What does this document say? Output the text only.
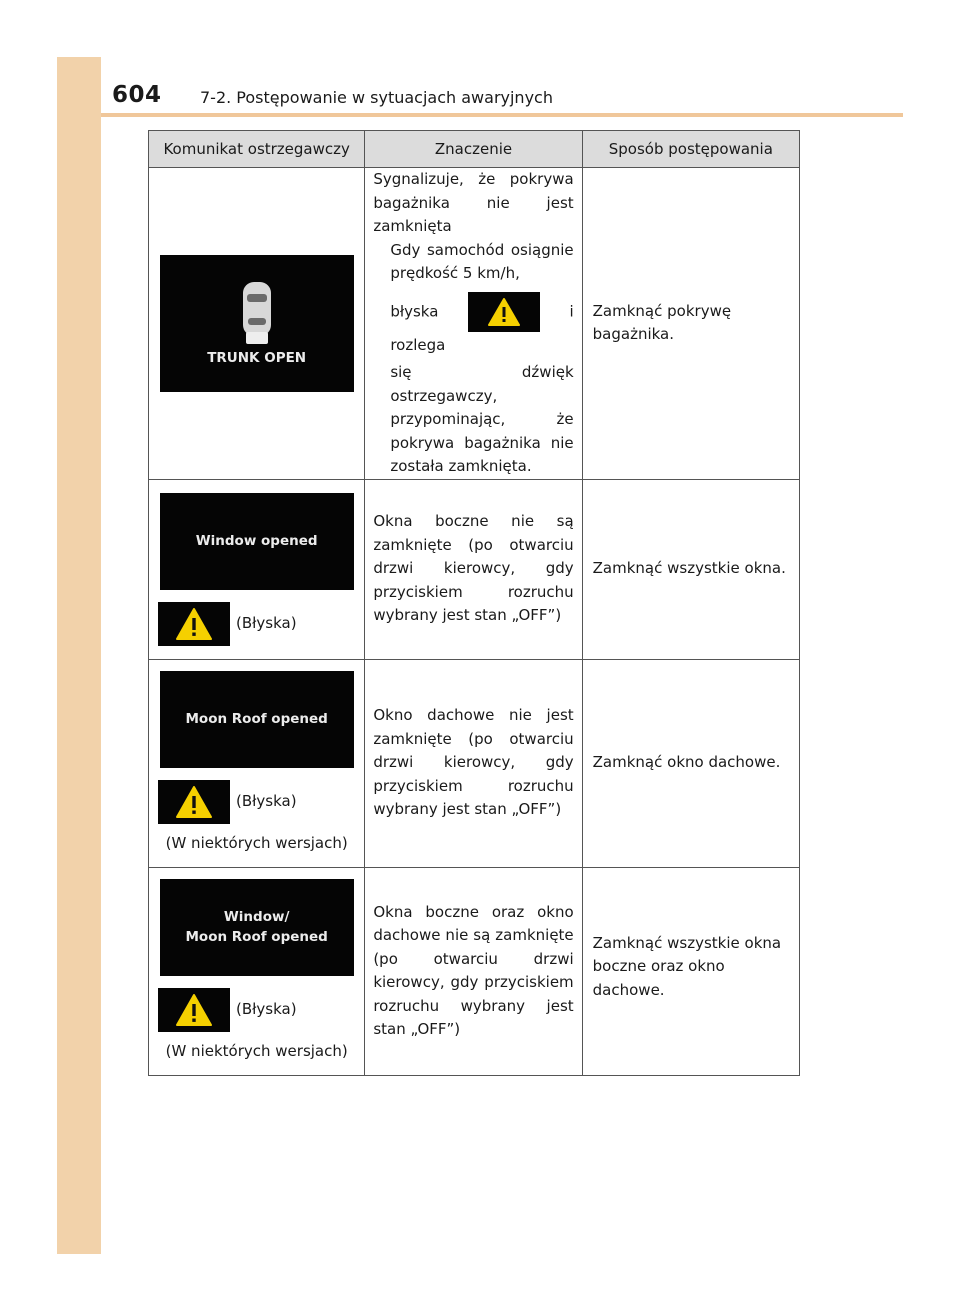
604 7-2. Postępowanie w sytuacjach awaryjnych
Komunikat ostrzegawczy	Znaczenie	Sposób postępowania

TRUNK OPEN	Sygnalizuje, że pokrywa bagażnika nie jest zamknięta
Gdy samochód osiągnie prędkość 5 km/h,
błyska i rozlega
się dźwięk ostrzegawczy, przypominając, że pokrywa bagażnika nie została zamknięta.	Zamknąć pokrywę bagażnika.

Window opened
(Błyska)	Okna boczne nie są zamknięte (po otwarciu drzwi kierowcy, gdy przyciskiem rozruchu wybrany jest stan „OFF”)	Zamknąć wszystkie okna.

Moon Roof opened
(Błyska)
(W niektórych wersjach)	Okno dachowe nie jest zamknięte (po otwarciu drzwi kierowcy, gdy przyciskiem rozruchu wybrany jest stan „OFF”)	Zamknąć okno dachowe.

Window/
Moon Roof opened
(Błyska)
(W niektórych wersjach)	Okna boczne oraz okno dachowe nie są zamknięte (po otwarciu drzwi kierowcy, gdy przyciskiem rozruchu wybrany jest stan „OFF”)	Zamknąć wszystkie okna boczne oraz okno dachowe.
